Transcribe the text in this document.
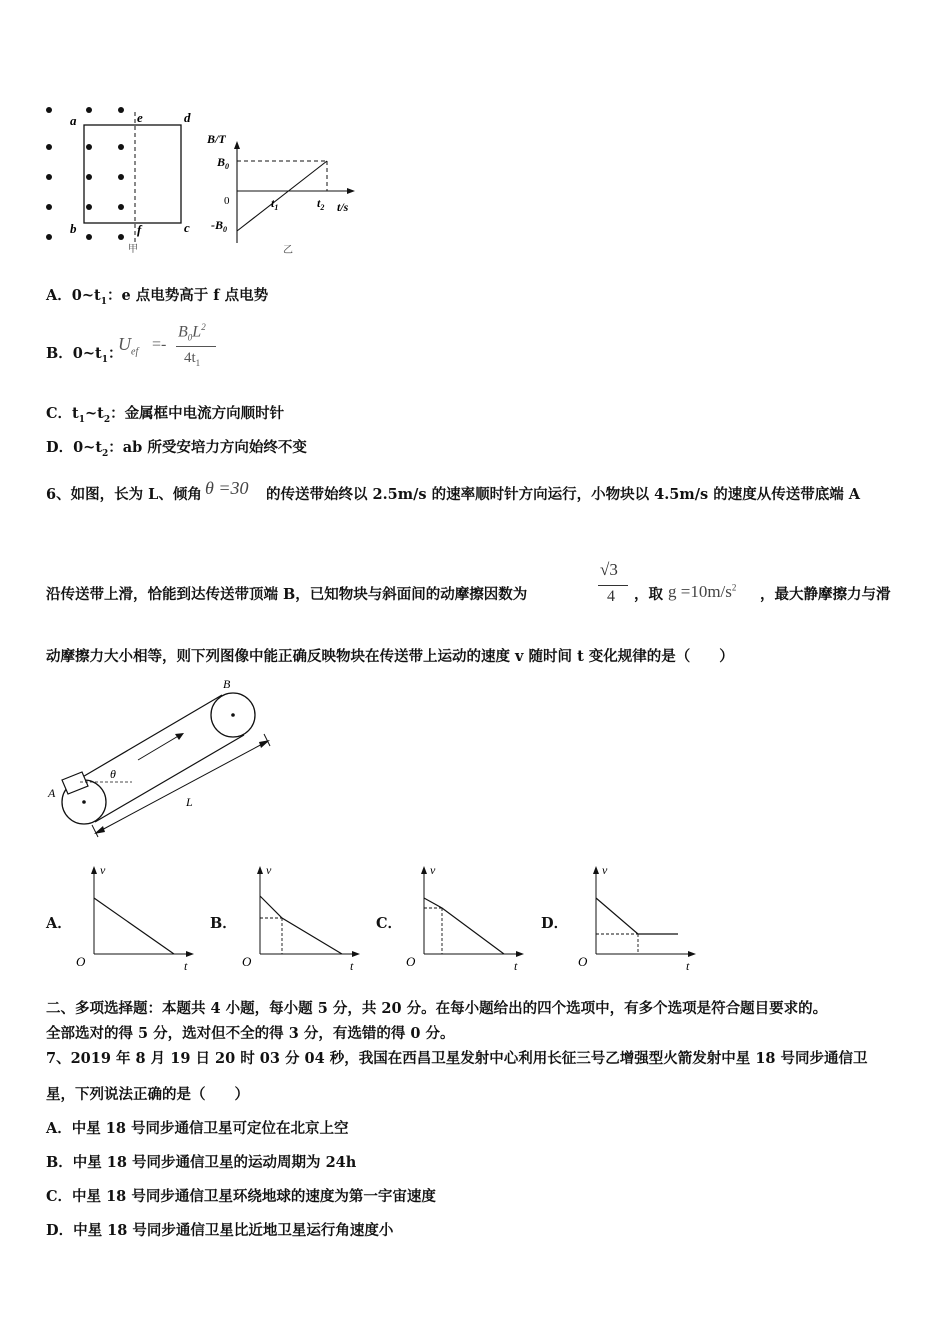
a	e	d
b	f	c
甲
B/T
$B_0$
0
$-B_0$
$t_1$	$t_2$ t/s
乙
A．$0\sim t_1$：e 点电势高于 f 点电势
B．$0\sim t_1$：
$U_{ef}$ =-
$B_0L^2$
$4t_1$
C．$t_1\sim t_2$：金属框中电流方向顺时针
D．$0\sim t_2$：ab 所受安培力方向始终不变
6、如图，长为 L、倾角 θ =30 的传送带始终以 2.5m/s 的速率顺时针方向运行，小物块以 4.5m/s 的速度从传送带底端 A
沿传送带上滑，恰能到达传送带顶端 B，已知物块与斜面间的动摩擦因数为
√3
4 ，取 $g =10m/s^2$ ，最大静摩擦力与滑
动摩擦力大小相等，则下列图像中能正确反映物块在传送带上运动的速度 v 随时间 t 变化规律的是（　　）
θ
A
B
L
A．
v
O	t
B．
v
O	t
C．
v
O	t
D．
v
O	t
二、多项选择题：本题共 4 小题，每小题 5 分，共 20 分。在每小题给出的四个选项中，有多个选项是符合题目要求的。
全部选对的得 5 分，选对但不全的得 3 分，有选错的得 0 分。
7、2019 年 8 月 19 日 20 时 03 分 04 秒，我国在西昌卫星发射中心利用长征三号乙增强型火箭发射中星 18 号同步通信卫
星，下列说法正确的是（　　）
A．中星 18 号同步通信卫星可定位在北京上空
B．中星 18 号同步通信卫星的运动周期为 24h
C．中星 18 号同步通信卫星环绕地球的速度为第一宇宙速度
D．中星 18 号同步通信卫星比近地卫星运行角速度小
